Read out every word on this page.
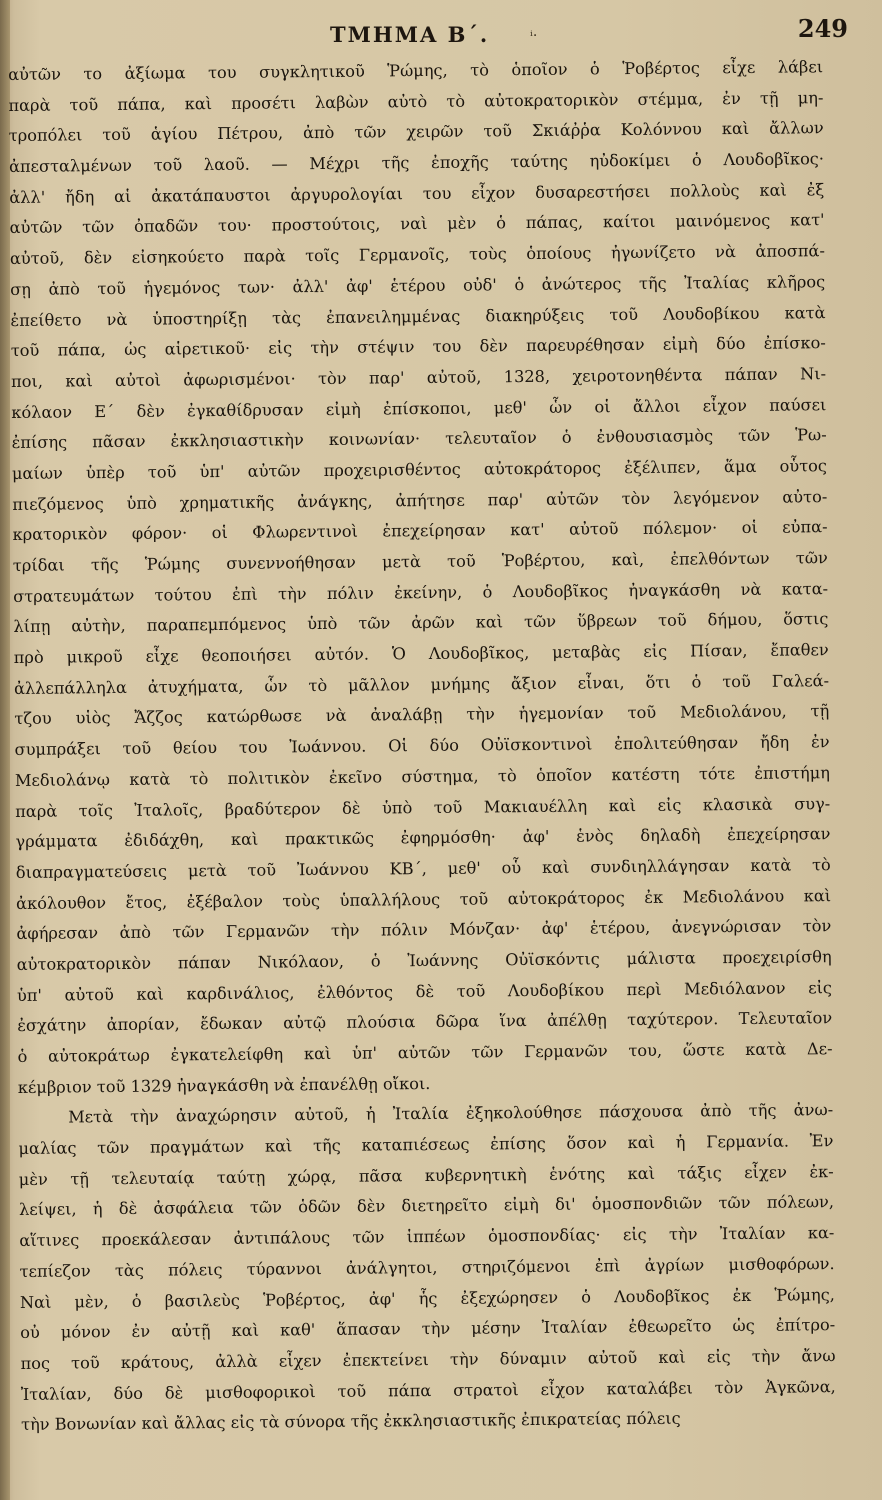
ΤΜΗΜΑ Β΄.	ᵢ.	249
αὐτῶν το ἀξίωμα του συγκλητικοῦ Ῥώμης, τὸ ὁποῖον ὁ Ῥοβέρτος εἶχε λάβει
παρὰ τοῦ πάπα, καὶ προσέτι λαβὼν αὐτὸ τὸ αὐτοκρατορικὸν στέμμα, ἐν τῇ μη-
τροπόλει τοῦ ἁγίου Πέτρου, ἀπὸ τῶν χειρῶν τοῦ Σκιάῤῥα Κολόννου καὶ ἄλλων
ἀπεσταλμένων τοῦ λαοῦ. — Μέχρι τῆς ἐποχῆς ταύτης ηὐδοκίμει ὁ Λουδοβῖκος·
ἀλλ' ἤδη αἱ ἀκατάπαυστοι ἀργυρολογίαι του εἶχον δυσαρεστήσει πολλοὺς καὶ ἐξ
αὐτῶν τῶν ὀπαδῶν του· προστούτοις, ναὶ μὲν ὁ πάπας, καίτοι μαινόμενος κατ'
αὐτοῦ, δὲν εἰσηκούετο παρὰ τοῖς Γερμανοῖς, τοὺς ὁποίους ἠγωνίζετο νὰ ἀποσπά-
σῃ ἀπὸ τοῦ ἡγεμόνος των· ἀλλ' ἀφ' ἑτέρου οὐδ' ὁ ἀνώτερος τῆς Ἰταλίας κλῆρος
ἐπείθετο νὰ ὑποστηρίξῃ τὰς ἐπανειλημμένας διακηρύξεις τοῦ Λουδοβίκου κατὰ
τοῦ πάπα, ὡς αἱρετικοῦ· εἰς τὴν στέψιν του δὲν παρευρέθησαν εἰμὴ δύο ἐπίσκο-
ποι, καὶ αὐτοὶ ἀφωρισμένοι· τὸν παρ' αὐτοῦ, 1328, χειροτονηθέντα πάπαν Νι-
κόλαον Ε΄ δὲν ἐγκαθίδρυσαν εἰμὴ ἐπίσκοποι, μεθ' ὧν οἱ ἄλλοι εἶχον παύσει
ἐπίσης πᾶσαν ἐκκλησιαστικὴν κοινωνίαν· τελευταῖον ὁ ἐνθουσιασμὸς τῶν Ῥω-
μαίων ὑπὲρ τοῦ ὑπ' αὐτῶν προχειρισθέντος αὐτοκράτορος ἐξέλιπεν, ἅμα οὗτος
πιεζόμενος ὑπὸ χρηματικῆς ἀνάγκης, ἀπήτησε παρ' αὐτῶν τὸν λεγόμενον αὐτο-
κρατορικὸν φόρον· οἱ Φλωρεντινοὶ ἐπεχείρησαν κατ' αὐτοῦ πόλεμον· οἱ εὐπα-
τρίδαι τῆς Ῥώμης συνεννοήθησαν μετὰ τοῦ Ῥοβέρτου, καὶ, ἐπελθόντων τῶν
στρατευμάτων τούτου ἐπὶ τὴν πόλιν ἐκείνην, ὁ Λουδοβῖκος ἠναγκάσθη νὰ κατα-
λίπῃ αὐτὴν, παραπεμπόμενος ὑπὸ τῶν ἀρῶν καὶ τῶν ὕβρεων τοῦ δήμου, ὅστις
πρὸ μικροῦ εἶχε θεοποιήσει αὐτόν. Ὁ Λουδοβῖκος, μεταβὰς εἰς Πίσαν, ἔπαθεν
ἀλλεπάλληλα ἀτυχήματα, ὧν τὸ μᾶλλον μνήμης ἄξιον εἶναι, ὅτι ὁ τοῦ Γαλεά-
τζου υἱὸς Ἄζζος κατώρθωσε νὰ ἀναλάβῃ τὴν ἡγεμονίαν τοῦ Μεδιολάνου, τῇ
συμπράξει τοῦ θείου του Ἰωάννου. Οἱ δύο Οὐϊσκοντινοὶ ἐπολιτεύθησαν ἤδη ἐν
Μεδιολάνῳ κατὰ τὸ πολιτικὸν ἐκεῖνο σύστημα, τὸ ὁποῖον κατέστη τότε ἐπιστήμη
παρὰ τοῖς Ἰταλοῖς, βραδύτερον δὲ ὑπὸ τοῦ Μακιαυέλλη καὶ εἰς κλασικὰ συγ-
γράμματα ἐδιδάχθη, καὶ πρακτικῶς ἐφηρμόσθη· ἀφ' ἑνὸς δηλαδὴ ἐπεχείρησαν
διαπραγματεύσεις μετὰ τοῦ Ἰωάννου ΚΒ΄, μεθ' οὗ καὶ συνδιηλλάγησαν κατὰ τὸ
ἀκόλουθον ἔτος, ἐξέβαλον τοὺς ὑπαλλήλους τοῦ αὐτοκράτορος ἐκ Μεδιολάνου καὶ
ἀφήρεσαν ἀπὸ τῶν Γερμανῶν τὴν πόλιν Μόνζαν· ἀφ' ἑτέρου, ἀνεγνώρισαν τὸν
αὐτοκρατορικὸν πάπαν Νικόλαον, ὁ Ἰωάννης Οὐϊσκόντις μάλιστα προεχειρίσθη
ὑπ' αὐτοῦ καὶ καρδινάλιος, ἐλθόντος δὲ τοῦ Λουδοβίκου περὶ Μεδιόλανον εἰς
ἐσχάτην ἀπορίαν, ἔδωκαν αὐτῷ πλούσια δῶρα ἵνα ἀπέλθῃ ταχύτερον. Τελευταῖον
ὁ αὐτοκράτωρ ἐγκατελείφθη καὶ ὑπ' αὐτῶν τῶν Γερμανῶν του, ὥστε κατὰ Δε-
κέμβριον τοῦ 1329 ἠναγκάσθη νὰ ἐπανέλθῃ οἴκοι.
Μετὰ τὴν ἀναχώρησιν αὐτοῦ, ἡ Ἰταλία ἐξηκολούθησε πάσχουσα ἀπὸ τῆς ἀνω-
μαλίας τῶν πραγμάτων καὶ τῆς καταπιέσεως ἐπίσης ὅσον καὶ ἡ Γερμανία. Ἐν
μὲν τῇ τελευταίᾳ ταύτῃ χώρᾳ, πᾶσα κυβερνητικὴ ἑνότης καὶ τάξις εἶχεν ἐκ-
λείψει, ἡ δὲ ἀσφάλεια τῶν ὁδῶν δὲν διετηρεῖτο εἰμὴ δι' ὁμοσπονδιῶν τῶν πόλεων,
αἵτινες προεκάλεσαν ἀντιπάλους τῶν ἱππέων ὁμοσπονδίας· εἰς τὴν Ἰταλίαν κα-
τεπίεζον τὰς πόλεις τύραννοι ἀνάλγητοι, στηριζόμενοι ἐπὶ ἀγρίων μισθοφόρων.
Ναὶ μὲν, ὁ βασιλεὺς Ῥοβέρτος, ἀφ' ἧς ἐξεχώρησεν ὁ Λουδοβῖκος ἐκ Ῥώμης,
οὐ μόνον ἐν αὐτῇ καὶ καθ' ἅπασαν τὴν μέσην Ἰταλίαν ἐθεωρεῖτο ὡς ἐπίτρο-
πος τοῦ κράτους, ἀλλὰ εἶχεν ἐπεκτείνει τὴν δύναμιν αὐτοῦ καὶ εἰς τὴν ἄνω
Ἰταλίαν, δύο δὲ μισθοφορικοὶ τοῦ πάπα στρατοὶ εἶχον καταλάβει τὸν Ἀγκῶνα,
τὴν Βονωνίαν καὶ ἄλλας εἰς τὰ σύνορα τῆς ἐκκλησιαστικῆς ἐπικρατείας πόλεις
